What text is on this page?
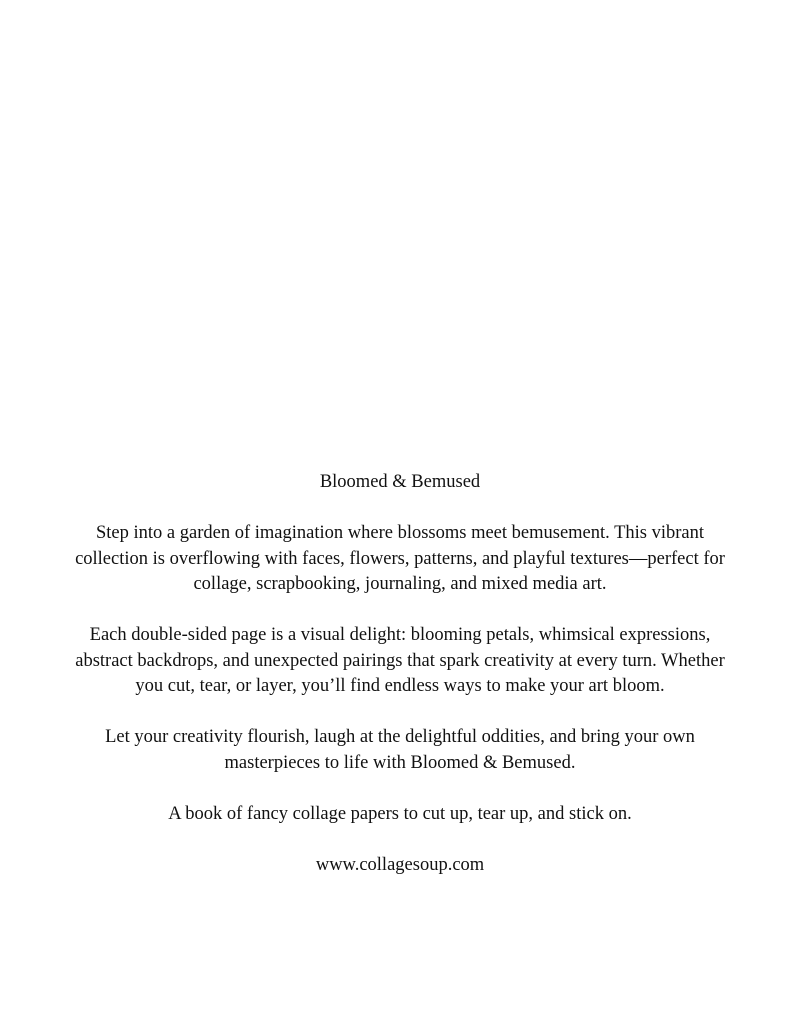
Bloomed & Bemused

Step into a garden of imagination where blossoms meet bemusement. This vibrant collection is overflowing with faces, flowers, patterns, and playful textures—perfect for collage, scrapbooking, journaling, and mixed media art.

Each double-sided page is a visual delight: blooming petals, whimsical expressions, abstract backdrops, and unexpected pairings that spark creativity at every turn. Whether you cut, tear, or layer, you’ll find endless ways to make your art bloom.

Let your creativity flourish, laugh at the delightful oddities, and bring your own masterpieces to life with Bloomed & Bemused.

A book of fancy collage papers to cut up, tear up, and stick on.

www.collagesoup.com
